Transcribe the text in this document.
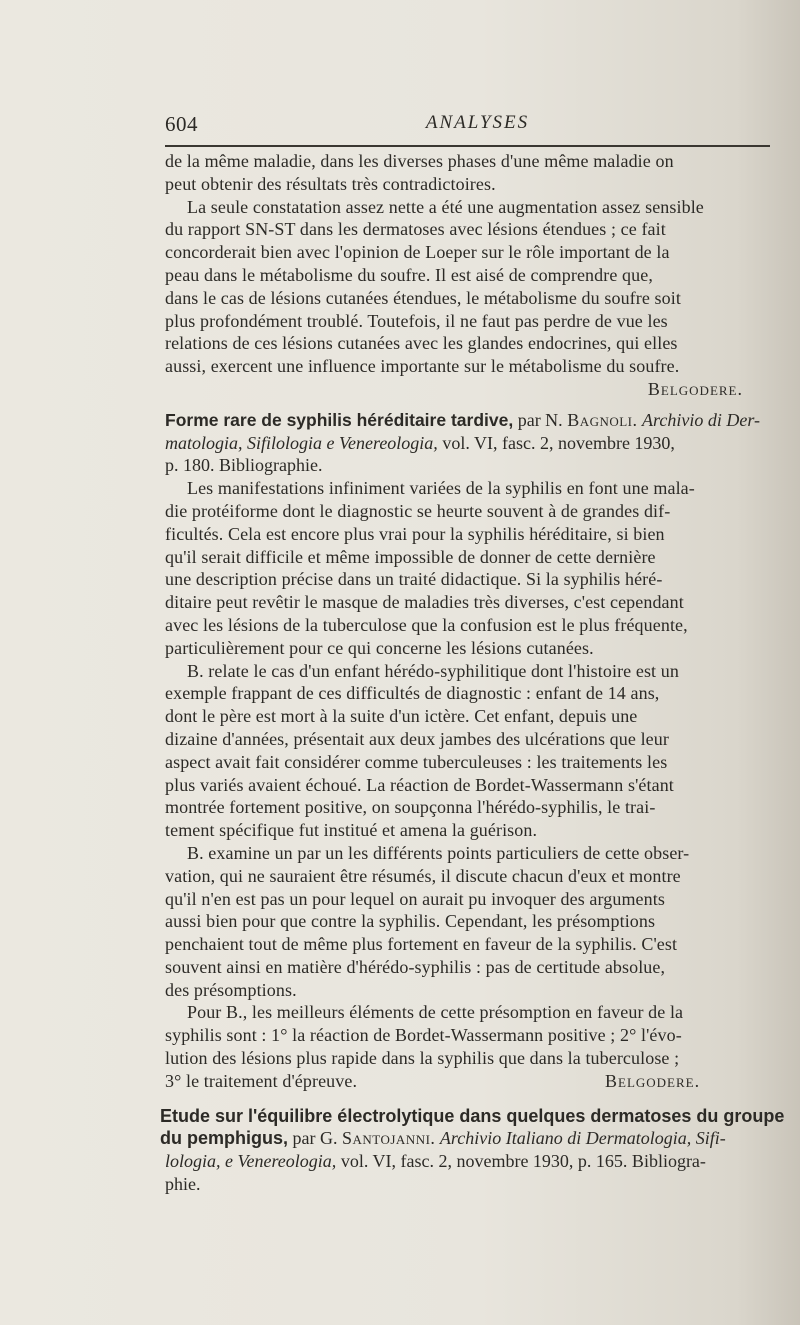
604	ANALYSES
de la même maladie, dans les diverses phases d'une même maladie on
peut obtenir des résultats très contradictoires.
La seule constatation assez nette a été une augmentation assez sensible
du rapport SN-ST dans les dermatoses avec lésions étendues ; ce fait
concorderait bien avec l'opinion de Loeper sur le rôle important de la
peau dans le métabolisme du soufre. Il est aisé de comprendre que,
dans le cas de lésions cutanées étendues, le métabolisme du soufre soit
plus profondément troublé. Toutefois, il ne faut pas perdre de vue les
relations de ces lésions cutanées avec les glandes endocrines, qui elles
aussi, exercent une influence importante sur le métabolisme du soufre.
Belgodere.
Forme rare de syphilis héréditaire tardive, par N. Bagnoli. Archivio di Der-
matologia, Sifilologia e Venereologia, vol. VI, fasc. 2, novembre 1930,
p. 180. Bibliographie.
Les manifestations infiniment variées de la syphilis en font une mala-
die protéiforme dont le diagnostic se heurte souvent à de grandes dif-
ficultés. Cela est encore plus vrai pour la syphilis héréditaire, si bien
qu'il serait difficile et même impossible de donner de cette dernière
une description précise dans un traité didactique. Si la syphilis héré-
ditaire peut revêtir le masque de maladies très diverses, c'est cependant
avec les lésions de la tuberculose que la confusion est le plus fréquente,
particulièrement pour ce qui concerne les lésions cutanées.
B. relate le cas d'un enfant hérédo-syphilitique dont l'histoire est un
exemple frappant de ces difficultés de diagnostic : enfant de 14 ans,
dont le père est mort à la suite d'un ictère. Cet enfant, depuis une
dizaine d'années, présentait aux deux jambes des ulcérations que leur
aspect avait fait considérer comme tuberculeuses : les traitements les
plus variés avaient échoué. La réaction de Bordet-Wassermann s'étant
montrée fortement positive, on soupçonna l'hérédo-syphilis, le trai-
tement spécifique fut institué et amena la guérison.
B. examine un par un les différents points particuliers de cette obser-
vation, qui ne sauraient être résumés, il discute chacun d'eux et montre
qu'il n'en est pas un pour lequel on aurait pu invoquer des arguments
aussi bien pour que contre la syphilis. Cependant, les présomptions
penchaient tout de même plus fortement en faveur de la syphilis. C'est
souvent ainsi en matière d'hérédo-syphilis : pas de certitude absolue,
des présomptions.
Pour B., les meilleurs éléments de cette présomption en faveur de la
syphilis sont : 1° la réaction de Bordet-Wassermann positive ; 2° l'évo-
lution des lésions plus rapide dans la syphilis que dans la tuberculose ;
3° le traitement d'épreuve.	Belgodere.
Etude sur l'équilibre électrolytique dans quelques dermatoses du groupe
du pemphigus, par G. Santojanni. Archivio Italiano di Dermatologia, Sifi-
lologia, e Venereologia, vol. VI, fasc. 2, novembre 1930, p. 165. Bibliogra-
phie.
